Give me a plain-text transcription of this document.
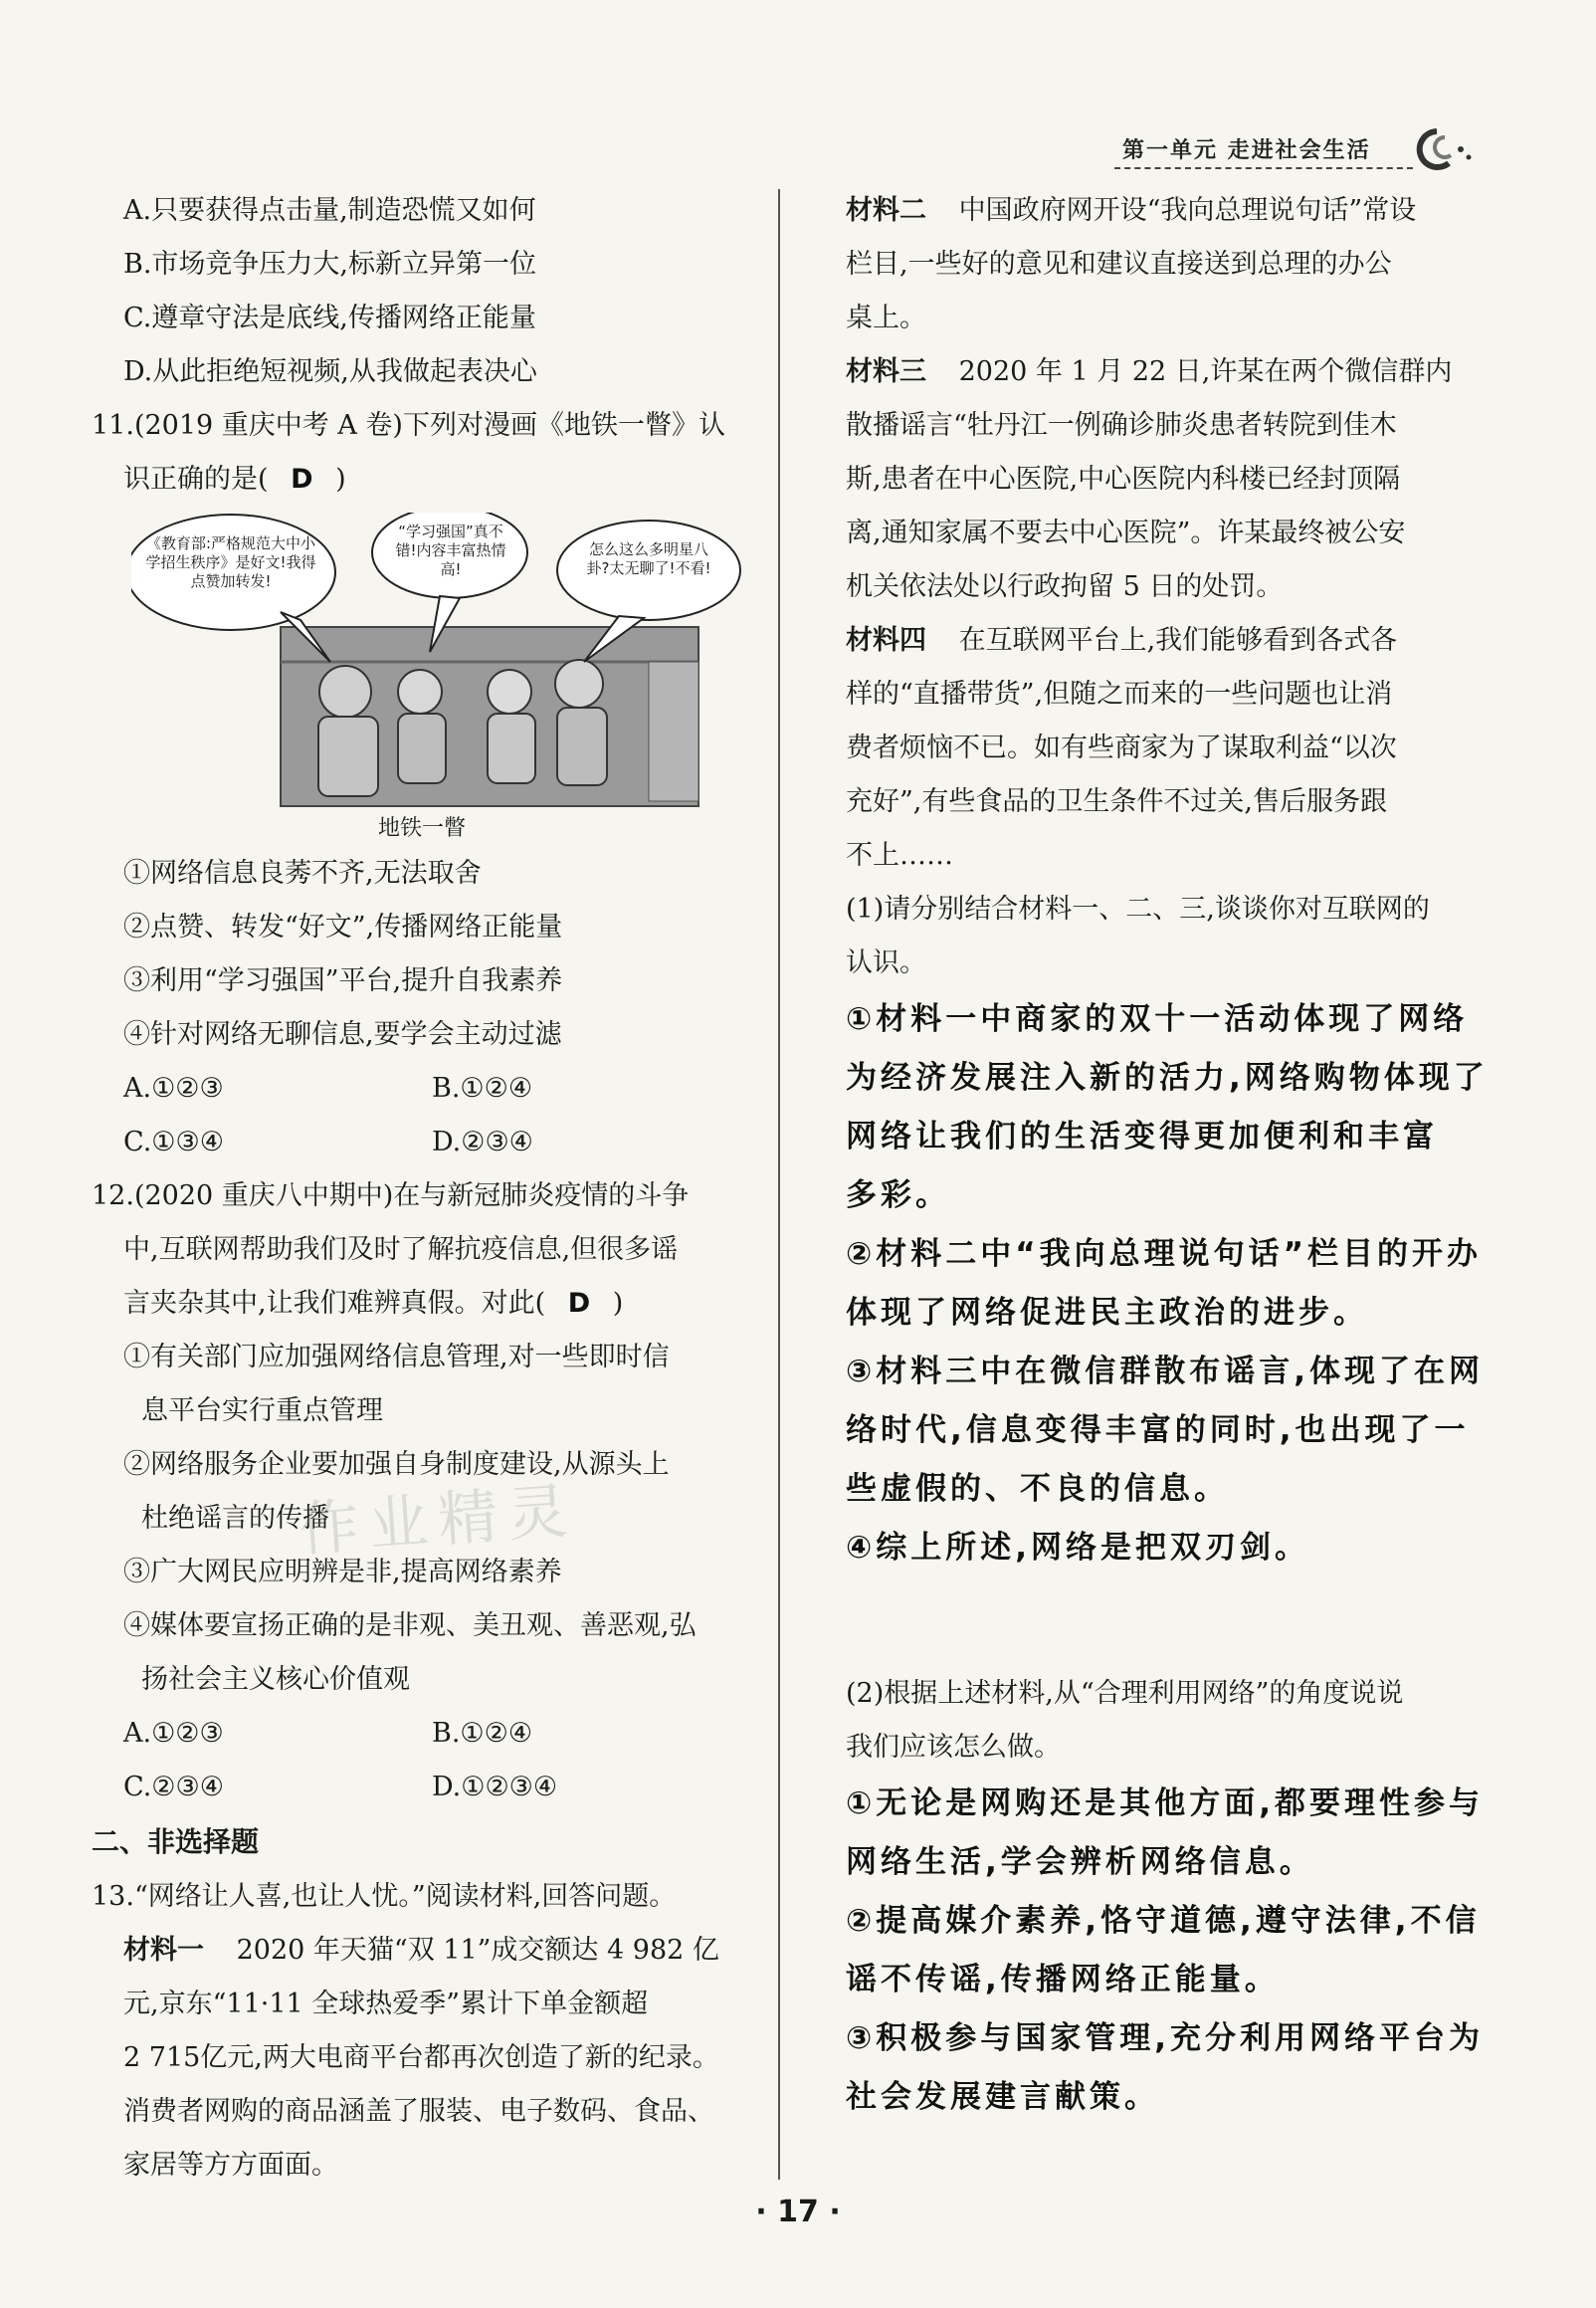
第一单元 走进社会生活
A.只要获得点击量,制造恐慌又如何
B.市场竞争压力大,标新立异第一位
C.遵章守法是底线,传播网络正能量
D.从此拒绝短视频,从我做起表决心
11.(2019 重庆中考 A 卷)下列对漫画《地铁一瞥》认
识正确的是( D )
《教育部:严格规范大中小学招生秩序》是好文!我得点赞加转发!
“学习强国”真不错!内容丰富热情高!
怎么这么多明星八卦?太无聊了!不看!
地铁一瞥
①网络信息良莠不齐,无法取舍
②点赞、转发“好文”,传播网络正能量
③利用“学习强国”平台,提升自我素养
④针对网络无聊信息,要学会主动过滤
A.①②③	B.①②④
C.①③④	D.②③④
12.(2020 重庆八中期中)在与新冠肺炎疫情的斗争
中,互联网帮助我们及时了解抗疫信息,但很多谣
言夹杂其中,让我们难辨真假。对此( D )
①有关部门应加强网络信息管理,对一些即时信
息平台实行重点管理
②网络服务企业要加强自身制度建设,从源头上
杜绝谣言的传播
③广大网民应明辨是非,提高网络素养
④媒体要宣扬正确的是非观、美丑观、善恶观,弘
扬社会主义核心价值观
A.①②③	B.①②④
C.②③④	D.①②③④
二、非选择题
13.“网络让人喜,也让人忧。”阅读材料,回答问题。
材料一 2020 年天猫“双 11”成交额达 4 982 亿
元,京东“11·11 全球热爱季”累计下单金额超
2 715亿元,两大电商平台都再次创造了新的纪录。
消费者网购的商品涵盖了服装、电子数码、食品、
家居等方方面面。
材料二 中国政府网开设“我向总理说句话”常设
栏目,一些好的意见和建议直接送到总理的办公
桌上。
材料三 2020 年 1 月 22 日,许某在两个微信群内
散播谣言“牡丹江一例确诊肺炎患者转院到佳木
斯,患者在中心医院,中心医院内科楼已经封顶隔
离,通知家属不要去中心医院”。许某最终被公安
机关依法处以行政拘留 5 日的处罚。
材料四 在互联网平台上,我们能够看到各式各
样的“直播带货”,但随之而来的一些问题也让消
费者烦恼不已。如有些商家为了谋取利益“以次
充好”,有些食品的卫生条件不过关,售后服务跟
不上……
(1)请分别结合材料一、二、三,谈谈你对互联网的
认识。
①材料一中商家的双十一活动体现了网络
为经济发展注入新的活力,网络购物体现了
网络让我们的生活变得更加便利和丰富
多彩。
②材料二中“我向总理说句话”栏目的开办
体现了网络促进民主政治的进步。
③材料三中在微信群散布谣言,体现了在网
络时代,信息变得丰富的同时,也出现了一
些虚假的、不良的信息。
④综上所述,网络是把双刃剑。
(2)根据上述材料,从“合理利用网络”的角度说说
我们应该怎么做。
①无论是网购还是其他方面,都要理性参与
网络生活,学会辨析网络信息。
②提高媒介素养,恪守道德,遵守法律,不信
谣不传谣,传播网络正能量。
③积极参与国家管理,充分利用网络平台为
社会发展建言献策。
作业精灵
· 17 ·
